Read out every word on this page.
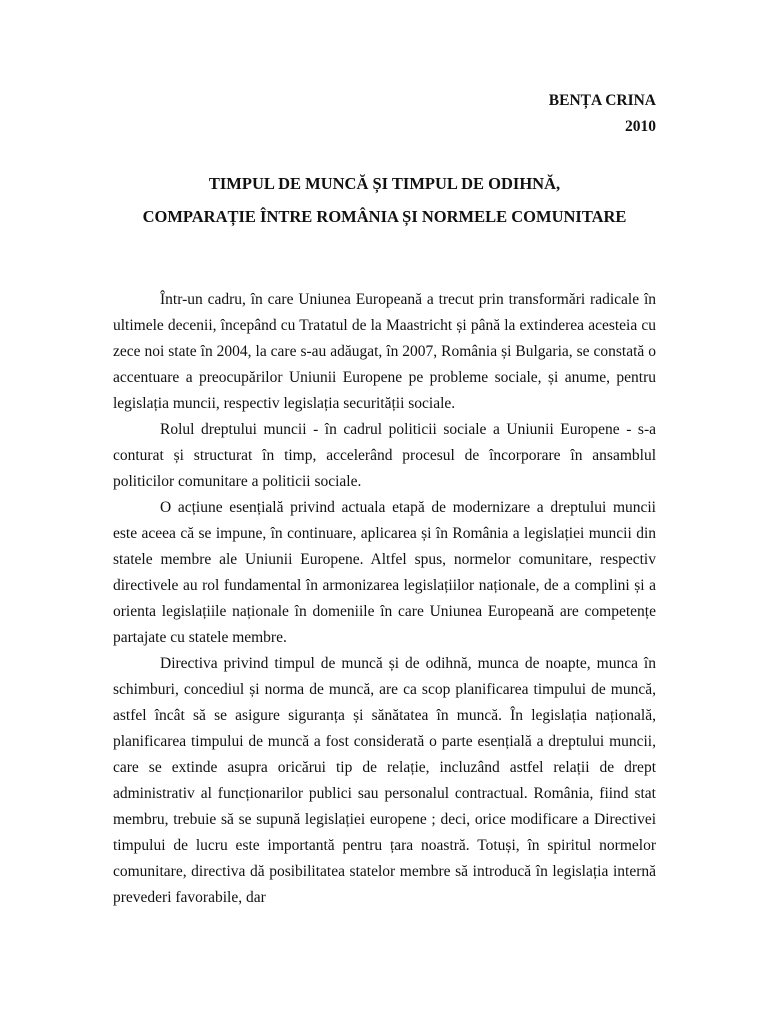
BENȚA CRINA
2010
TIMPUL DE MUNCĂ ȘI TIMPUL DE ODIHNĂ,
COMPARAȚIE ÎNTRE ROMÂNIA ȘI NORMELE COMUNITARE

Într-un cadru, în care Uniunea Europeană a trecut prin transformări radicale în ultimele decenii, începând cu Tratatul de la Maastricht și până la extinderea acesteia cu zece noi state în 2004, la care s-au adăugat, în 2007, România și Bulgaria, se constată o accentuare a preocupărilor Uniunii Europene pe probleme sociale, și anume, pentru legislația muncii, respectiv legislația securității sociale.

Rolul dreptului muncii - în cadrul politicii sociale a Uniunii Europene - s-a conturat și structurat în timp, accelerând procesul de încorporare în ansamblul politicilor comunitare a politicii sociale.

O acțiune esențială privind actuala etapă de modernizare a dreptului muncii este aceea că se impune, în continuare, aplicarea și în România a legislației muncii din statele membre ale Uniunii Europene. Altfel spus, normelor comunitare, respectiv directivele au rol fundamental în armonizarea legislațiilor naționale, de a complini și a orienta legislațiile naționale în domeniile în care Uniunea Europeană are competențe partajate cu statele membre.

Directiva privind timpul de muncă și de odihnă, munca de noapte, munca în schimburi, concediul și norma de muncă, are ca scop planificarea timpului de muncă, astfel încât să se asigure siguranța și sănătatea în muncă. În legislația națională, planificarea timpului de muncă a fost considerată o parte esențială a dreptului muncii, care se extinde asupra oricărui tip de relație, incluzând astfel relații de drept administrativ al funcționarilor publici sau personalul contractual. România, fiind stat membru, trebuie să se supună legislației europene ; deci, orice modificare a Directivei timpului de lucru este importantă pentru țara noastră. Totuși, în spiritul normelor comunitare, directiva dă posibilitatea statelor membre să introducă în legislația internă prevederi favorabile, dar
